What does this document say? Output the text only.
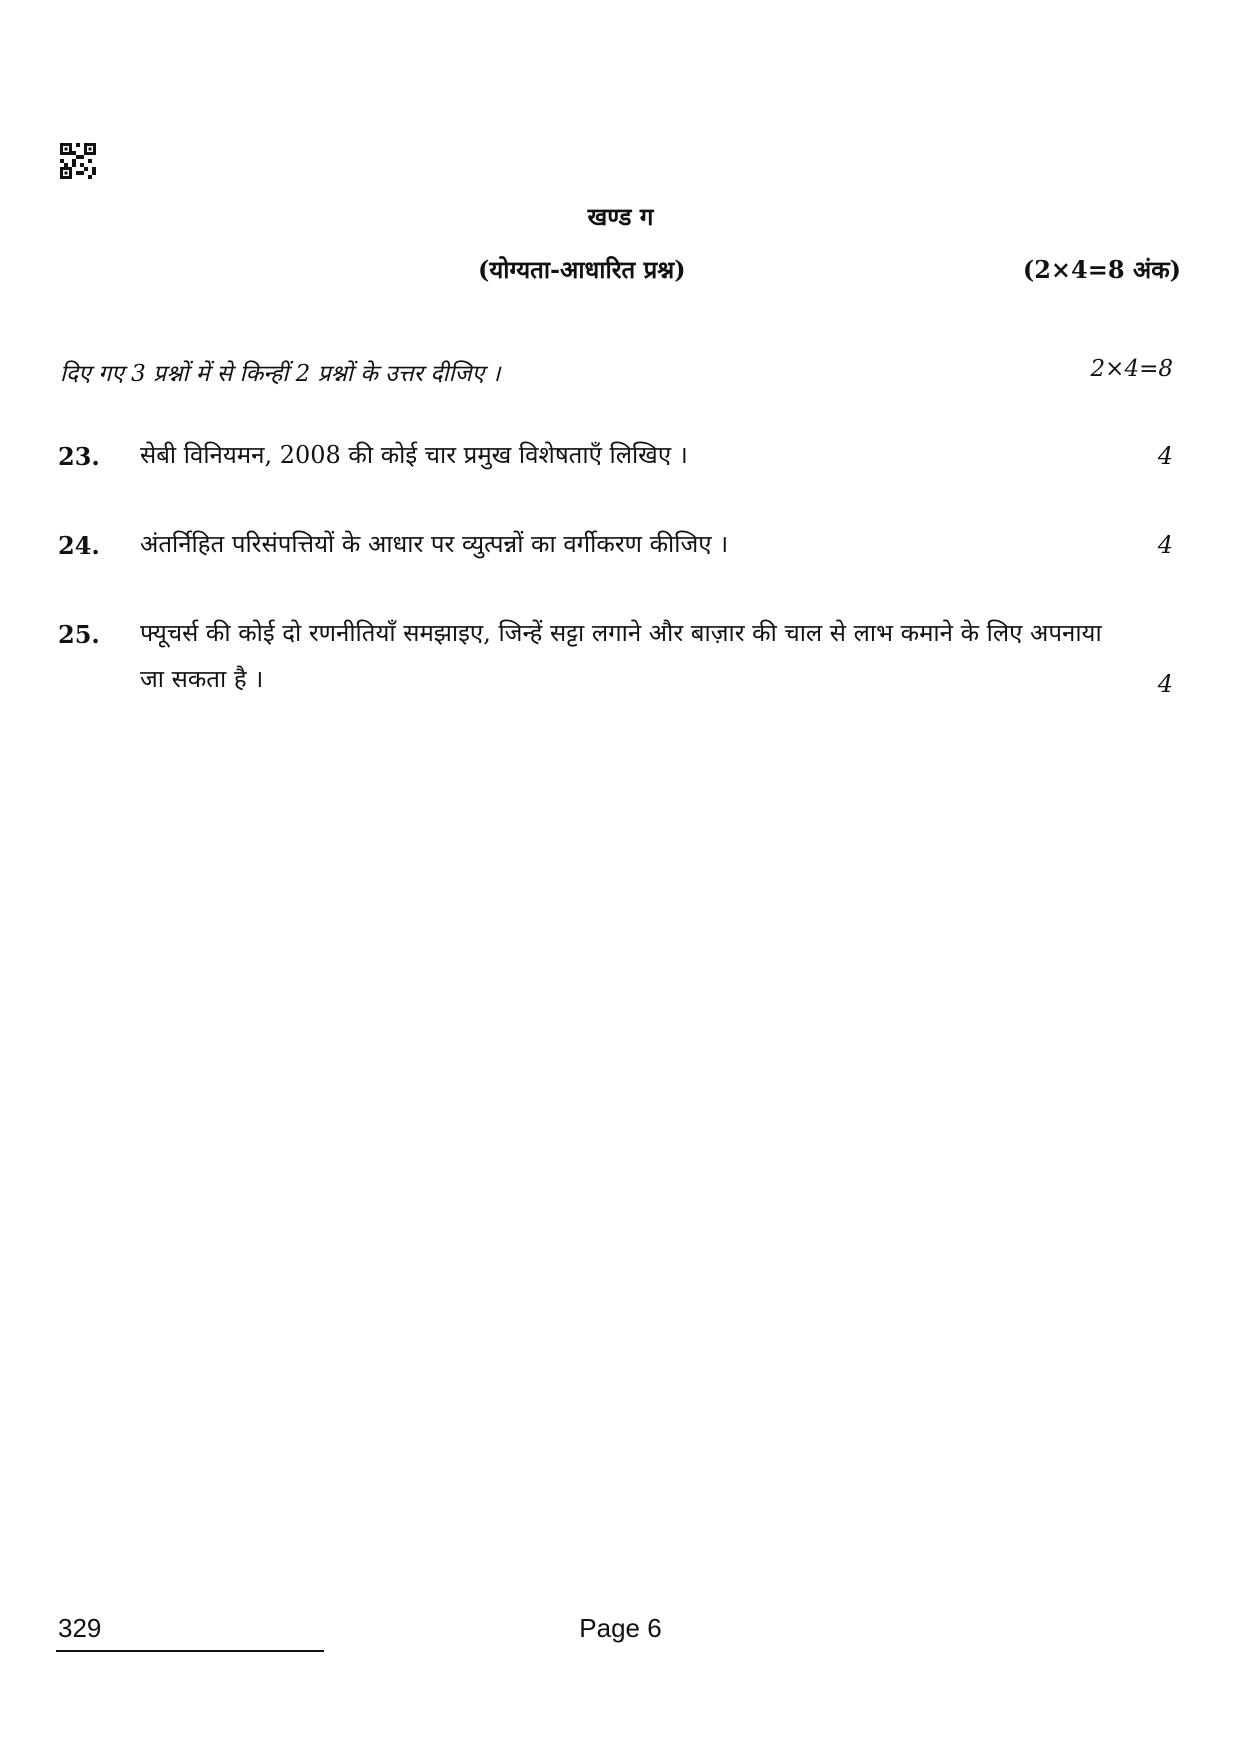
खण्ड ग
(योग्यता-आधारित प्रश्न)	(2×4=8 अंक)
दिए गए 3 प्रश्नों में से किन्हीं 2 प्रश्नों के उत्तर दीजिए ।	2×4=8
23. सेबी विनियमन, 2008 की कोई चार प्रमुख विशेषताएँ लिखिए ।	4
24. अंतर्निहित परिसंपत्तियों के आधार पर व्युत्पन्नों का वर्गीकरण कीजिए ।	4
25. फ्यूचर्स की कोई दो रणनीतियाँ समझाइए, जिन्हें सट्टा लगाने और बाज़ार की चाल से लाभ कमाने के लिए अपनाया जा सकता है ।	4
329	Page 6
